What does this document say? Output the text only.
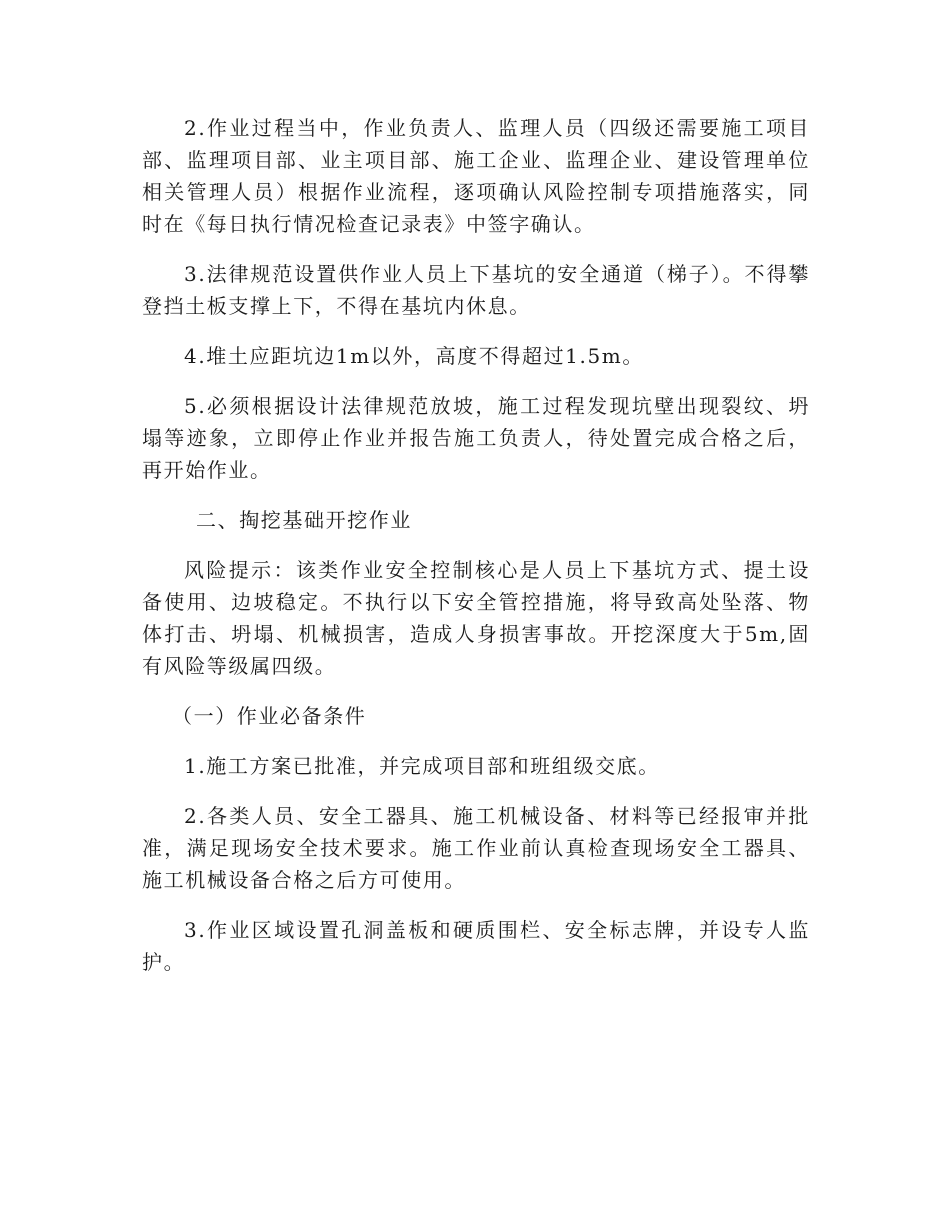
2.作业过程当中，作业负责人、监理人员（四级还需要施工项目部、监理项目部、业主项目部、施工企业、监理企业、建设管理单位相关管理人员）根据作业流程，逐项确认风险控制专项措施落实，同时在《每日执行情况检查记录表》中签字确认。

3.法律规范设置供作业人员上下基坑的安全通道（梯子）。不得攀登挡土板支撑上下，不得在基坑内休息。

4.堆土应距坑边1m以外，高度不得超过1.5m。

5.必须根据设计法律规范放坡，施工过程发现坑壁出现裂纹、坍塌等迹象，立即停止作业并报告施工负责人，待处置完成合格之后，再开始作业。

二、掏挖基础开挖作业

风险提示：该类作业安全控制核心是人员上下基坑方式、提土设备使用、边坡稳定。不执行以下安全管控措施，将导致高处坠落、物体打击、坍塌、机械损害，造成人身损害事故。开挖深度大于5m,固有风险等级属四级。

（一）作业必备条件

1.施工方案已批准，并完成项目部和班组级交底。

2.各类人员、安全工器具、施工机械设备、材料等已经报审并批准，满足现场安全技术要求。施工作业前认真检查现场安全工器具、施工机械设备合格之后方可使用。

3.作业区域设置孔洞盖板和硬质围栏、安全标志牌，并设专人监护。
